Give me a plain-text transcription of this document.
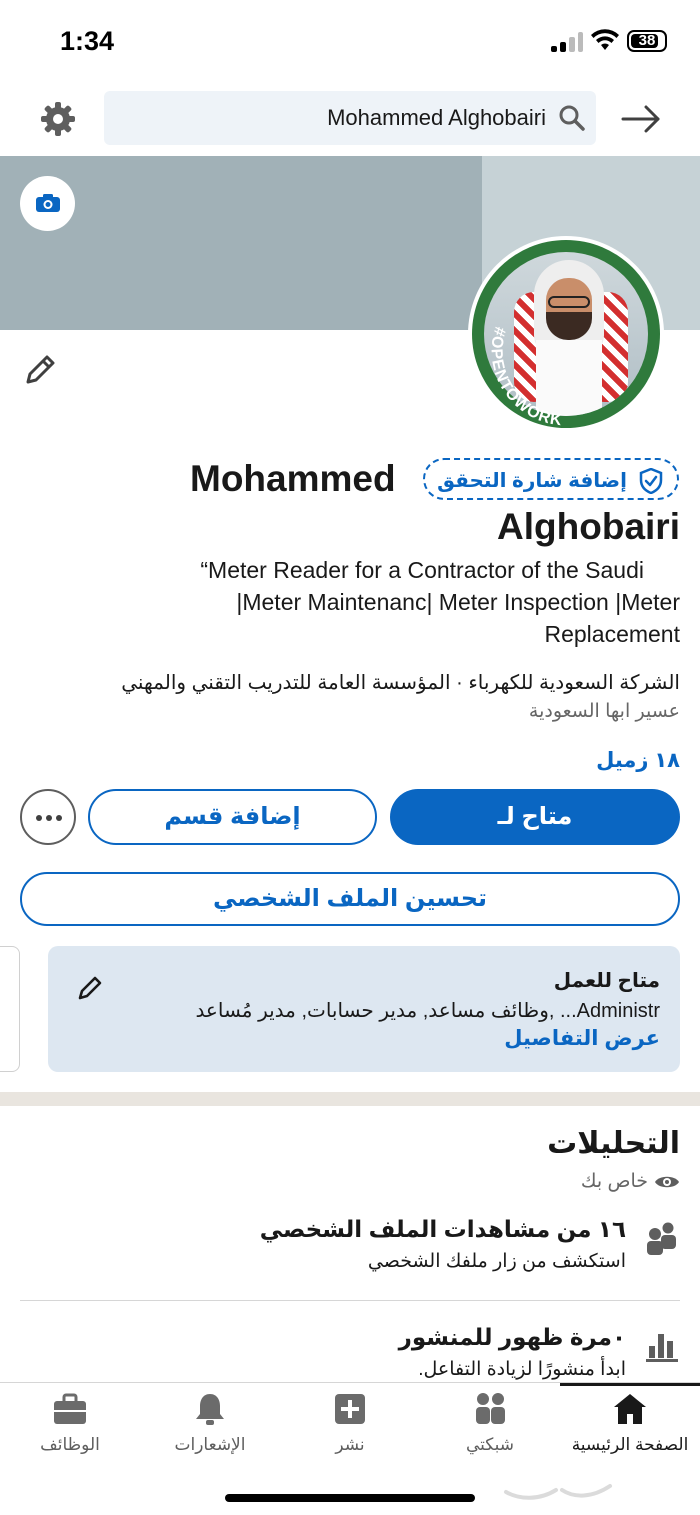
1:34	38
Mohammed Alghobairi
#OPENTOWORK
إضافة شارة التحقق
Mohammed
Alghobairi
“Meter Reader for a Contractor of the Saudi
|Meter Maintenanc| Meter Inspection |Meter
Replacement
الشركة السعودية للكهرباء · المؤسسة العامة للتدريب التقني والمهني
عسير ابها السعودية
١٨ زميل
متاح لـ
إضافة قسم
تحسين الملف الشخصي
متاح للعمل
وظائف مساعد, مدير حسابات, مدير مُساعد, ...Administr
عرض التفاصيل
التحليلات
خاص بك
١٦ من مشاهدات الملف الشخصي
استكشف من زار ملفك الشخصي
٠مرة ظهور للمنشور
ابدأ منشورًا لزيادة التفاعل.
الصفحة الرئيسية
شبكتي
نشر
الإشعارات
الوظائف
